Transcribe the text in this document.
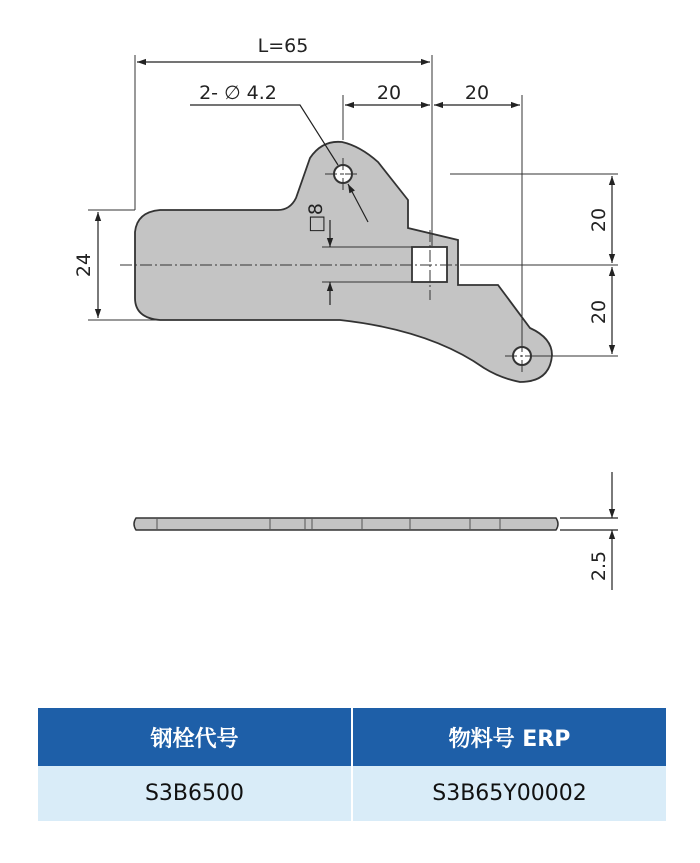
L=65
2- ∅ 4.2	20	20
24
20
20
□8
2.5
钢栓代号	物料号 ERP
S3B6500	S3B65Y00002
